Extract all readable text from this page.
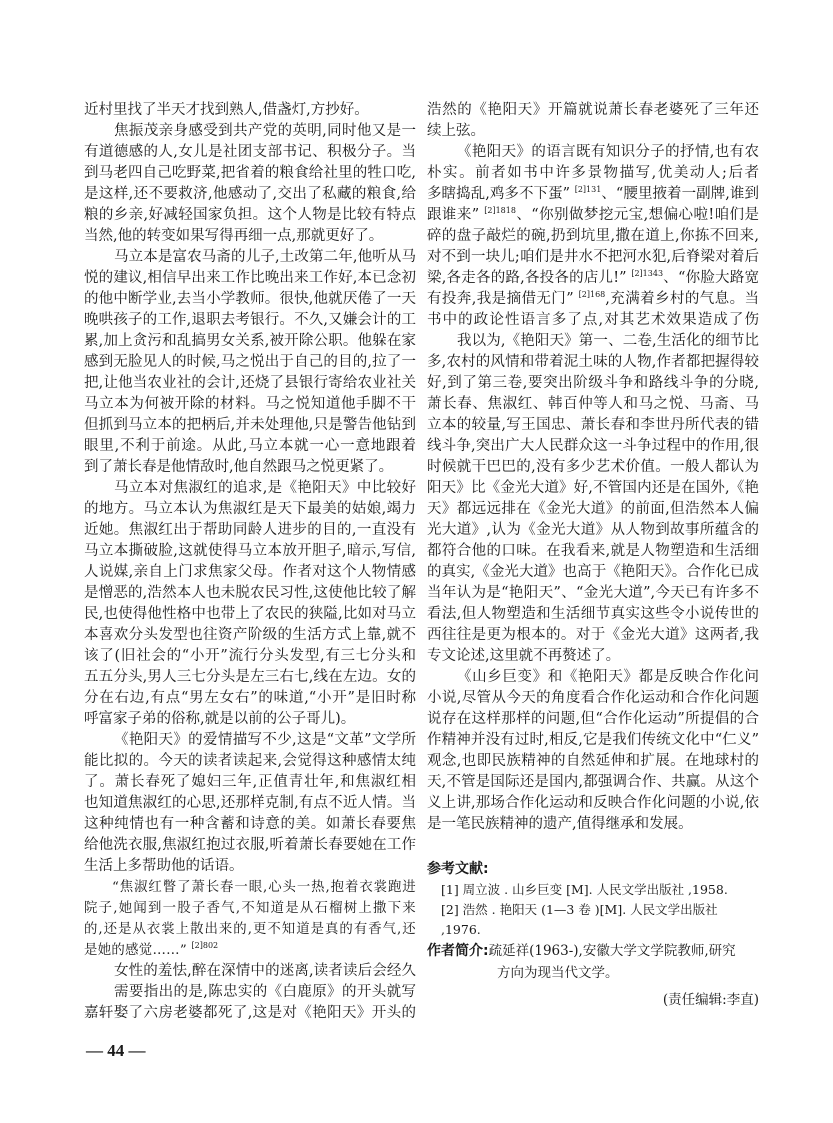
近村里找了半天才找到熟人,借盏灯,方抄好。
焦振茂亲身感受到共产党的英明,同时他又是一
有道德感的人,女儿是社团支部书记、积极分子。当
到马老四自己吃野菜,把省着的粮食给社里的牲口吃,
是这样,还不要救济,他感动了,交出了私藏的粮食,给
粮的乡亲,好减轻国家负担。这个人物是比较有特点
当然,他的转变如果写得再细一点,那就更好了。
马立本是富农马斋的儿子,土改第二年,他听从马
悦的建议,相信早出来工作比晚出来工作好,本已念初
的他中断学业,去当小学教师。很快,他就厌倦了一天
晚哄孩子的工作,退职去考银行。不久,又嫌会计的工
累,加上贪污和乱搞男女关系,被开除公职。他躲在家
感到无脸见人的时候,马之悦出于自己的目的,拉了一
把,让他当农业社的会计,还烧了县银行寄给农业社关
马立本为何被开除的材料。马之悦知道他手脚不干
但抓到马立本的把柄后,并未处理他,只是警告他钻到
眼里,不利于前途。从此,马立本就一心一意地跟着
到了萧长春是他情敌时,他自然跟马之悦更紧了。
马立本对焦淑红的追求,是《艳阳天》中比较好
的地方。马立本认为焦淑红是天下最美的姑娘,竭力
近她。焦淑红出于帮助同龄人进步的目的,一直没有
马立本撕破脸,这就使得马立本放开胆子,暗示,写信,
人说媒,亲自上门求焦家父母。作者对这个人物情感
是憎恶的,浩然本人也未脱农民习性,这使他比较了解
民,也使得他性格中也带上了农民的狭隘,比如对马立
本喜欢分头发型也往资产阶级的生活方式上靠,就不
该了(旧社会的“小开”流行分头发型,有三七分头和
五五分头,男人三七分头是左三右七,线在左边。女的
分在右边,有点“男左女右”的味道,“小开”是旧时称
呼富家子弟的俗称,就是以前的公子哥儿)。
《艳阳天》的爱情描写不少,这是“文革”文学所
能比拟的。今天的读者读起来,会觉得这种感情太纯
了。萧长春死了媳妇三年,正值青壮年,和焦淑红相
也知道焦淑红的心思,还那样克制,有点不近人情。当
这种纯情也有一种含蓄和诗意的美。如萧长春要焦
给他洗衣服,焦淑红抱过衣服,听着萧长春要她在工作
生活上多帮助他的话语。
“焦淑红瞥了萧长春一眼,心头一热,抱着衣裳跑进
院子,她闻到一股子香气,不知道是从石榴树上撒下来
的,还是从衣裳上散出来的,更不知道是真的有香气,还
是她的感觉……” $^{[2]802}$
女性的羞怯,醉在深情中的迷离,读者读后会经久
需要指出的是,陈忠实的《白鹿原》的开头就写
嘉轩娶了六房老婆都死了,这是对《艳阳天》开头的
浩然的《艳阳天》开篇就说萧长春老婆死了三年还
续上弦。
《艳阳天》的语言既有知识分子的抒情,也有农
朴实。前者如书中许多景物描写,优美动人;后者
多瞎捣乱,鸡多不下蛋” $^{[2]131}$、“腰里掖着一副牌,谁到
跟谁来” $^{[2]1818}$、“你别做梦挖元宝,想偏心啦!咱们是
碎的盘子敲烂的碗,扔到坑里,撒在道上,你拣不回来,
对不到一块儿;咱们是井水不把河水犯,后脊梁对着后
梁,各走各的路,各投各的店儿!” $^{[2]1343}$、“你脸大路宽
有投奔,我是摘借无门” $^{[2]168}$,充满着乡村的气息。当
书中的政论性语言多了点,对其艺术效果造成了伤
我以为,《艳阳天》第一、二卷,生活化的细节比
多,农村的风情和带着泥土味的人物,作者都把握得较
好,到了第三卷,要突出阶级斗争和路线斗争的分晓,
萧长春、焦淑红、韩百仲等人和马之悦、马斋、马
立本的较量,写王国忠、萧长春和李世丹所代表的错
线斗争,突出广大人民群众这一斗争过程中的作用,很
时候就干巴巴的,没有多少艺术价值。一般人都认为
阳天》比《金光大道》好,不管国内还是在国外,《艳
天》都远远排在《金光大道》的前面,但浩然本人偏
光大道》,认为《金光大道》从人物到故事所蕴含的
都符合他的口味。在我看来,就是人物塑造和生活细
的真实,《金光大道》也高于《艳阳天》。合作化已成
当年认为是“艳阳天”、“金光大道”,今天已有许多不
看法,但人物塑造和生活细节真实这些令小说传世的
西往往是更为根本的。对于《金光大道》这两者,我
专文论述,这里就不再赘述了。
《山乡巨变》和《艳阳天》都是反映合作化问
小说,尽管从今天的角度看合作化运动和合作化问题
说存在这样那样的问题,但“合作化运动”所提倡的合
作精神并没有过时,相反,它是我们传统文化中“仁义”
观念,也即民族精神的自然延伸和扩展。在地球村的
天,不管是国际还是国内,都强调合作、共赢。从这个
义上讲,那场合作化运动和反映合作化问题的小说,依
是一笔民族精神的遗产,值得继承和发展。
参考文献:
[1] 周立波 . 山乡巨变 [M]. 人民文学出版社 ,1958.
[2] 浩然 . 艳阳天 (1—3 卷 )[M]. 人民文学出版社 ,1976.
作者简介:疏延祥(1963-),安徽大学文学院教师,研究
方向为现当代文学。
(责任编辑:李直)
— 44 —
